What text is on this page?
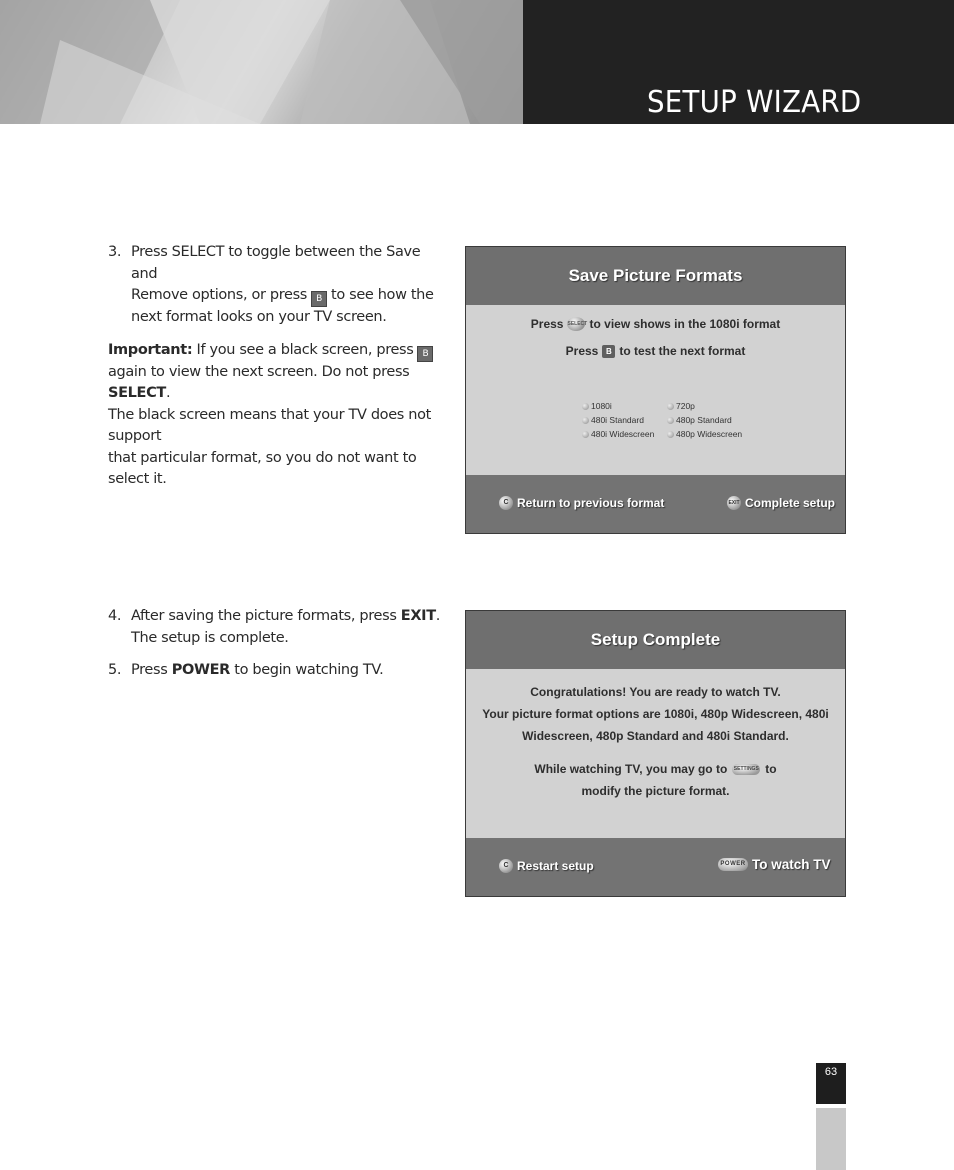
SETUP WIZARD
3. Press SELECT to toggle between the Save and
Remove options, or press B to see how the
next format looks on your TV screen.

Important: If you see a black screen, press B
again to view the next screen. Do not press SELECT.
The black screen means that your TV does not support
that particular format, so you do not want to select it.

Save Picture Formats
Press SELECT to view shows in the 1080i format
Press B to test the next format
1080i
480i Standard
480i Widescreen
720p
480p Standard
480p Widescreen
C Return to previous format	EXIT Complete setup
4. After saving the picture formats, press EXIT.
The setup is complete.
5. Press POWER to begin watching TV.
Setup Complete
Congratulations! You are ready to watch TV.
Your picture format options are 1080i, 480p Widescreen, 480i
Widescreen, 480p Standard and 480i Standard.
While watching TV, you may go to SETTINGS to
modify the picture format.
C Restart setup	POWER To watch TV
63
